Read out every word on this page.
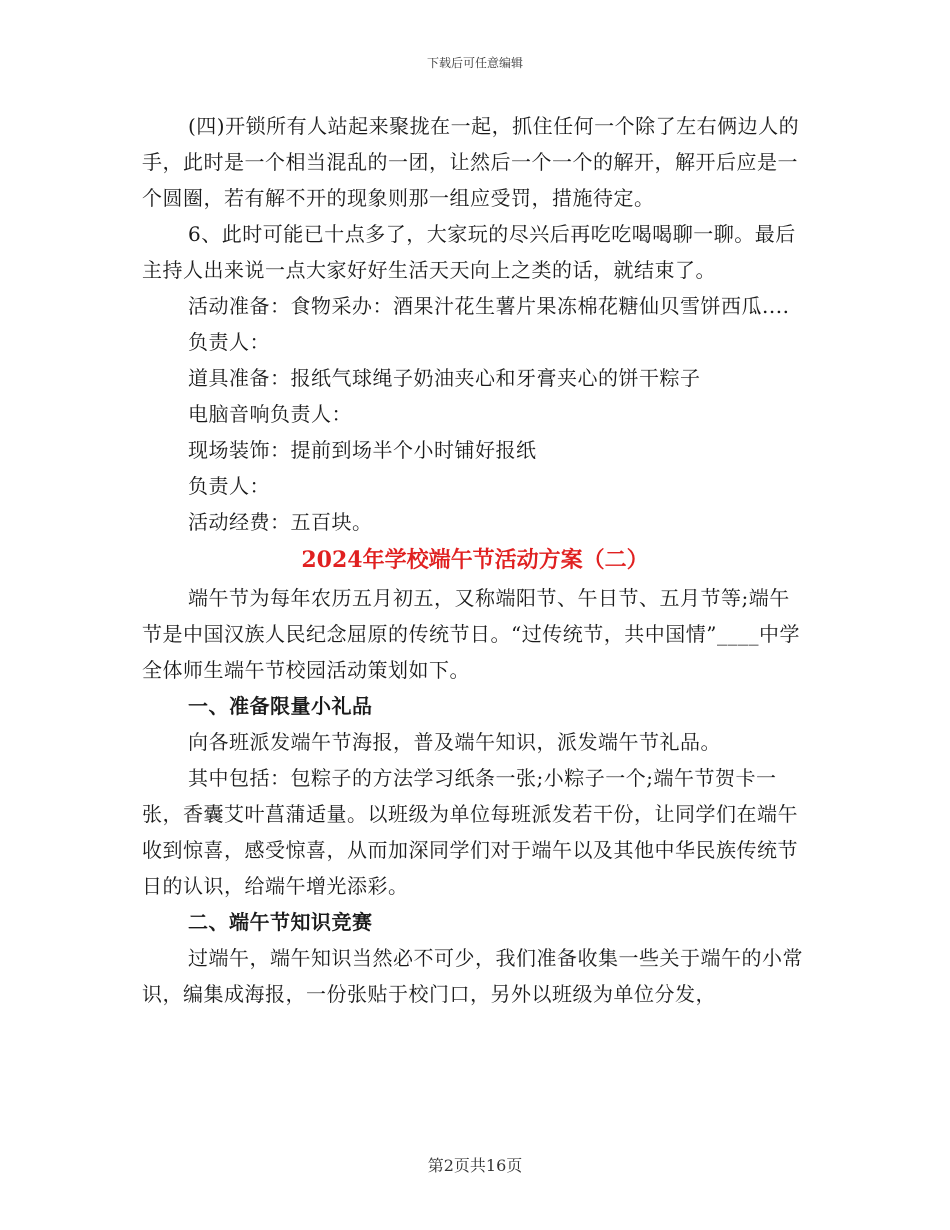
下载后可任意编辑

(四)开锁所有人站起来聚拢在一起，抓住任何一个除了左右俩边人的手，此时是一个相当混乱的一团，让然后一个一个的解开，解开后应是一个圆圈，若有解不开的现象则那一组应受罚，措施待定。

6、此时可能已十点多了，大家玩的尽兴后再吃吃喝喝聊一聊。最后主持人出来说一点大家好好生活天天向上之类的话，就结束了。

活动准备：食物采办：酒果汁花生薯片果冻棉花糖仙贝雪饼西瓜....

负责人：

道具准备：报纸气球绳子奶油夹心和牙膏夹心的饼干粽子

电脑音响负责人：

现场装饰：提前到场半个小时铺好报纸

负责人：

活动经费：五百块。

2024年学校端午节活动方案（二）

端午节为每年农历五月初五，又称端阳节、午日节、五月节等;端午节是中国汉族人民纪念屈原的传统节日。“过传统节，共中国情”____中学全体师生端午节校园活动策划如下。

一、准备限量小礼品

向各班派发端午节海报，普及端午知识，派发端午节礼品。

其中包括：包粽子的方法学习纸条一张;小粽子一个;端午节贺卡一张，香囊艾叶菖蒲适量。以班级为单位每班派发若干份，让同学们在端午收到惊喜，感受惊喜，从而加深同学们对于端午以及其他中华民族传统节日的认识，给端午增光添彩。

二、端午节知识竞赛

过端午，端午知识当然必不可少，我们准备收集一些关于端午的小常识，编集成海报，一份张贴于校门口，另外以班级为单位分发，

第2页共16页
